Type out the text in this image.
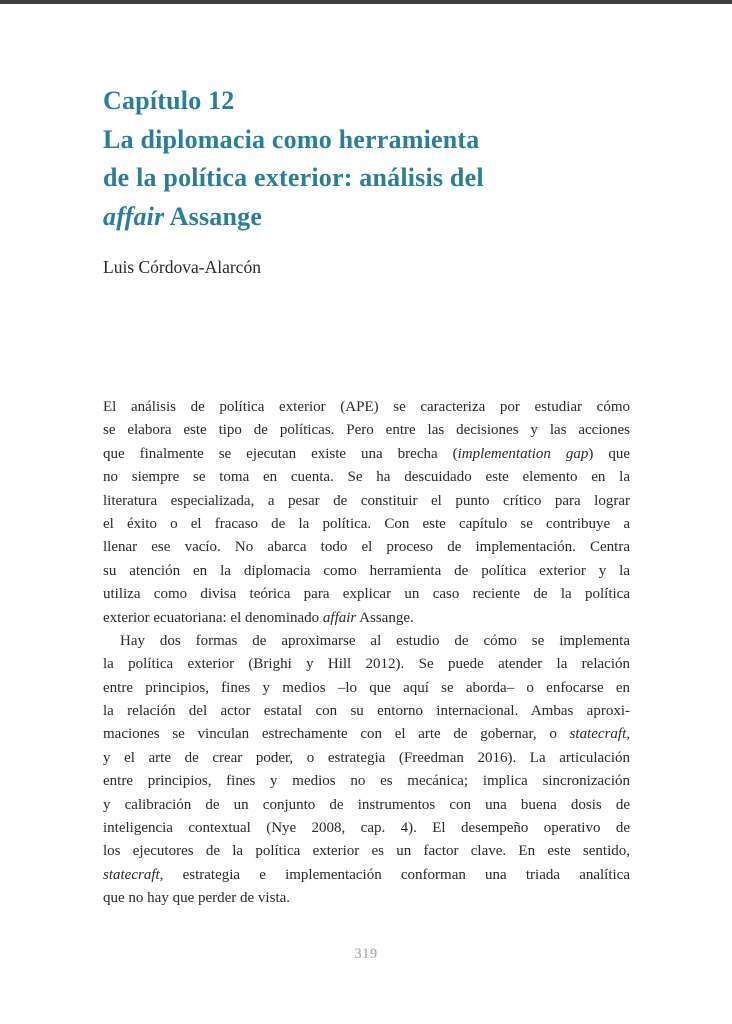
Capítulo 12
La diplomacia como herramienta
de la política exterior: análisis del
affair Assange
Luis Córdova-Alarcón
El análisis de política exterior (APE) se caracteriza por estudiar cómo
se elabora este tipo de políticas. Pero entre las decisiones y las acciones
que finalmente se ejecutan existe una brecha (implementation gap) que
no siempre se toma en cuenta. Se ha descuidado este elemento en la
literatura especializada, a pesar de constituir el punto crítico para lograr
el éxito o el fracaso de la política. Con este capítulo se contribuye a
llenar ese vacío. No abarca todo el proceso de implementación. Centra
su atención en la diplomacia como herramienta de política exterior y la
utiliza como divisa teórica para explicar un caso reciente de la política
exterior ecuatoriana: el denominado affair Assange.
Hay dos formas de aproximarse al estudio de cómo se implementa
la política exterior (Brighi y Hill 2012). Se puede atender la relación
entre principios, fines y medios –lo que aquí se aborda– o enfocarse en
la relación del actor estatal con su entorno internacional. Ambas aproxi-
maciones se vinculan estrechamente con el arte de gobernar, o statecraft,
y el arte de crear poder, o estrategia (Freedman 2016). La articulación
entre principios, fines y medios no es mecánica; implica sincronización
y calibración de un conjunto de instrumentos con una buena dosis de
inteligencia contextual (Nye 2008, cap. 4). El desempeño operativo de
los ejecutores de la política exterior es un factor clave. En este sentido,
statecraft, estrategia e implementación conforman una triada analítica
que no hay que perder de vista.
319
